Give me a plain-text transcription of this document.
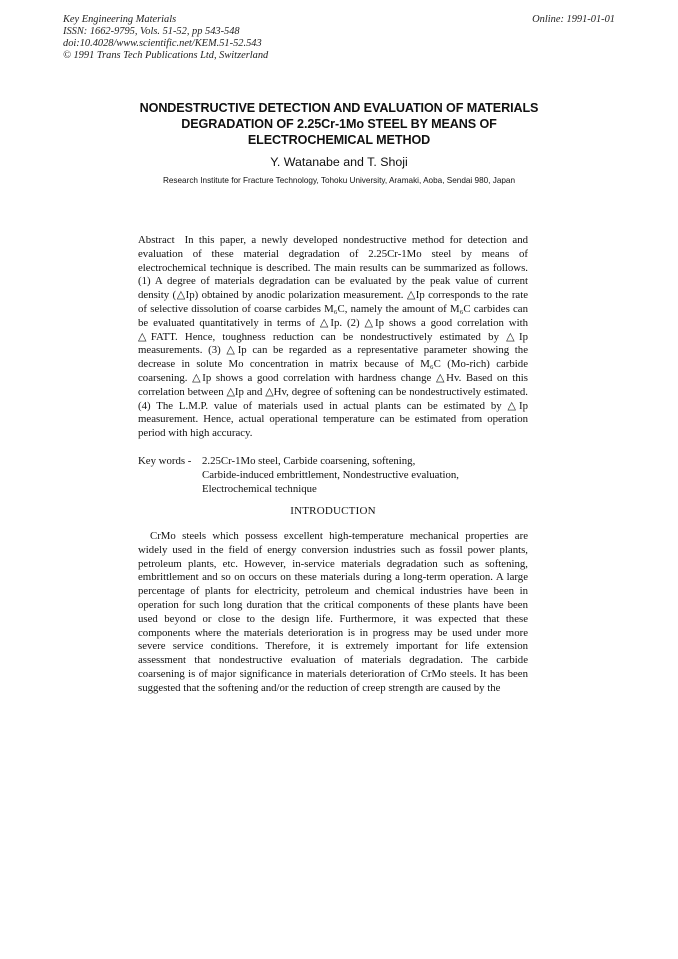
Key Engineering Materials
ISSN: 1662-9795, Vols. 51-52, pp 543-548
doi:10.4028/www.scientific.net/KEM.51-52.543
© 1991 Trans Tech Publications Ltd, Switzerland
Online: 1991-01-01
NONDESTRUCTIVE DETECTION AND EVALUATION OF MATERIALS DEGRADATION OF 2.25Cr-1Mo STEEL BY MEANS OF ELECTROCHEMICAL METHOD
Y. Watanabe and T. Shoji
Research Institute for Fracture Technology, Tohoku University, Aramaki, Aoba, Sendai 980, Japan
Abstract In this paper, a newly developed nondestructive method for detection and evaluation of these material degradation of 2.25Cr-1Mo steel by means of electrochemical technique is described. The main results can be summarized as follows. (1) A degree of materials degradation can be evaluated by the peak value of current density (△Ip) obtained by anodic polarization measurement. △Ip corresponds to the rate of selective dissolution of coarse carbides M₆C, namely the amount of M₆C carbides can be evaluated quantitatively in terms of △Ip. (2) △Ip shows a good correlation with △FATT. Hence, toughness reduction can be nondestructively estimated by △Ip measurements. (3) △Ip can be regarded as a representative parameter showing the decrease in solute Mo concentration in matrix because of M₆C (Mo-rich) carbide coarsening. △Ip shows a good correlation with hardness change △Hv. Based on this correlation between △Ip and △Hv, degree of softening can be nondestructively estimated. (4) The L.M.P. value of materials used in actual plants can be estimated by △Ip measurement. Hence, actual operational temperature can be estimated from operation period with high accuracy.
Key words - 2.25Cr-1Mo steel, Carbide coarsening, softening,
Carbide-induced embrittlement, Nondestructive evaluation,
Electrochemical technique
INTRODUCTION
CrMo steels which possess excellent high-temperature mechanical properties are widely used in the field of energy conversion industries such as fossil power plants, petroleum plants, etc. However, in-service materials degradation such as softening, embrittlement and so on occurs on these materials during a long-term operation. A large percentage of plants for electricity, petroleum and chemical industries have been in operation for such long duration that the critical components of these plants have been used beyond or close to the design life. Furthermore, it was expected that these components where the materials deterioration is in progress may be used under more severe service conditions. Therefore, it is extremely important for life extension assessment that nondestructive evaluation of materials degradation. The carbide coarsening is of major significance in materials deterioration of CrMo steels. It has been suggested that the softening and/or the reduction of creep strength are caused by the
